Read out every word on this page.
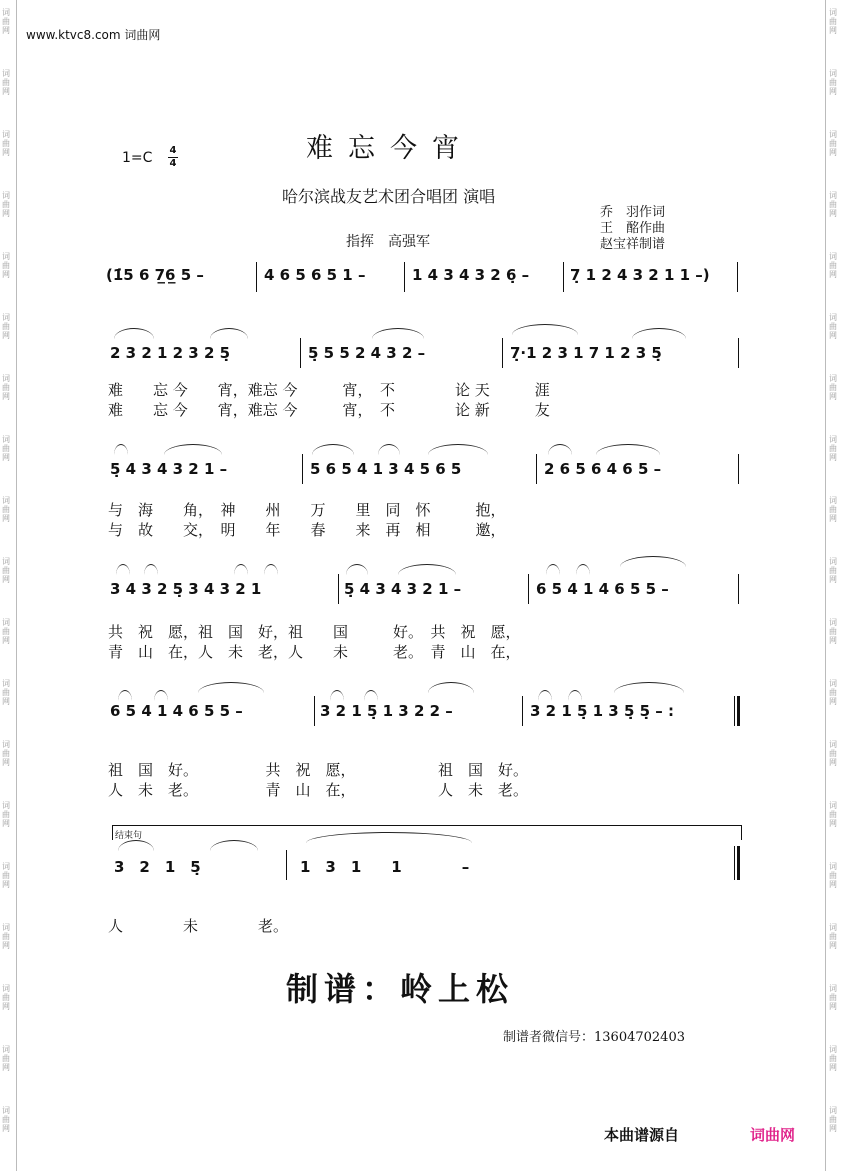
词
曲
网
词
曲
网
词
曲
网
词
曲
网
词
曲
网
词
曲
网
词
曲
网
词
曲
网
词
曲
网
词
曲
网
词
曲
网
词
曲
网
词
曲
网
词
曲
网
词
曲
网
词
曲
网
词
曲
网
词
曲
网
词
曲
网
词
曲
网
词
曲
网
词
曲
网
词
曲
网
词
曲
网
词
曲
网
词
曲
网
词
曲
网
词
曲
网
词
曲
网
词
曲
网
词
曲
网
词
曲
网
词
曲
网
词
曲
网
词
曲
网
词
曲
网
词
曲
网
词
曲
网
www.ktvc8.com 词曲网
难忘今宵
1=C 4
4
哈尔滨战友艺术团合唱团 演唱
指挥　高强军
乔　羽作词
王　酩作曲
赵宝祥制谱
(1̇5 6 7̲6̲ 5 –	4 6 5 6 5 1 –	1 4 3 4 3 2 6̣ –	7̣ 1 2 4 3 2 1 1 –)
2 3 2 1 2 3 2 5̣	5̣ 5 5 2 4 3 2 –	7̣·1 2 3 1 7 1 2 3 5̣
难　　忘 今　　宵，难忘 今　　　宵，　不　　　　论 天　　　涯
难　　忘 今　　宵，难忘 今　　　宵，　不　　　　论 新　　　友
5̣ 4 3 4 3 2 1 –	5 6 5 4 1 3 4 5 6 5	2 6 5 6 4 6 5 –
与　海　　角，　神　　州　　万　　里　同　怀　　　抱，
与　故　　交，　明　　年　　春　　来　再　相　　　邀，
3 4 3 2 5̣ 3 4 3 2 1	5̣ 4 3 4 3 2 1 –	6 5 4 1 4 6 5 5 –
共　祝　愿，祖　国　好，祖　　国　　　好。　共　祝　愿，
青　山　在，人　未　老，人　　未　　　老。　青　山　在，
6 5 4 1 4 6 5 5 –	3 2 1 5̣ 1 3 2 2 –	3 2 1 5̣ 1 3 5̣ 5̣ – :
祖　国　好。　　　　　共　祝　愿，　　　　　　祖　国　好。
人　未　老。　　　　　青　山　在，　　　　　　人　未　老。
结束句
3　2　1　5̣	1　3　1　　1　　　　–
人　　　　未　　　　老。
制谱：岭上松
制谱者微信号：13604702403
本曲谱源自	词曲网
